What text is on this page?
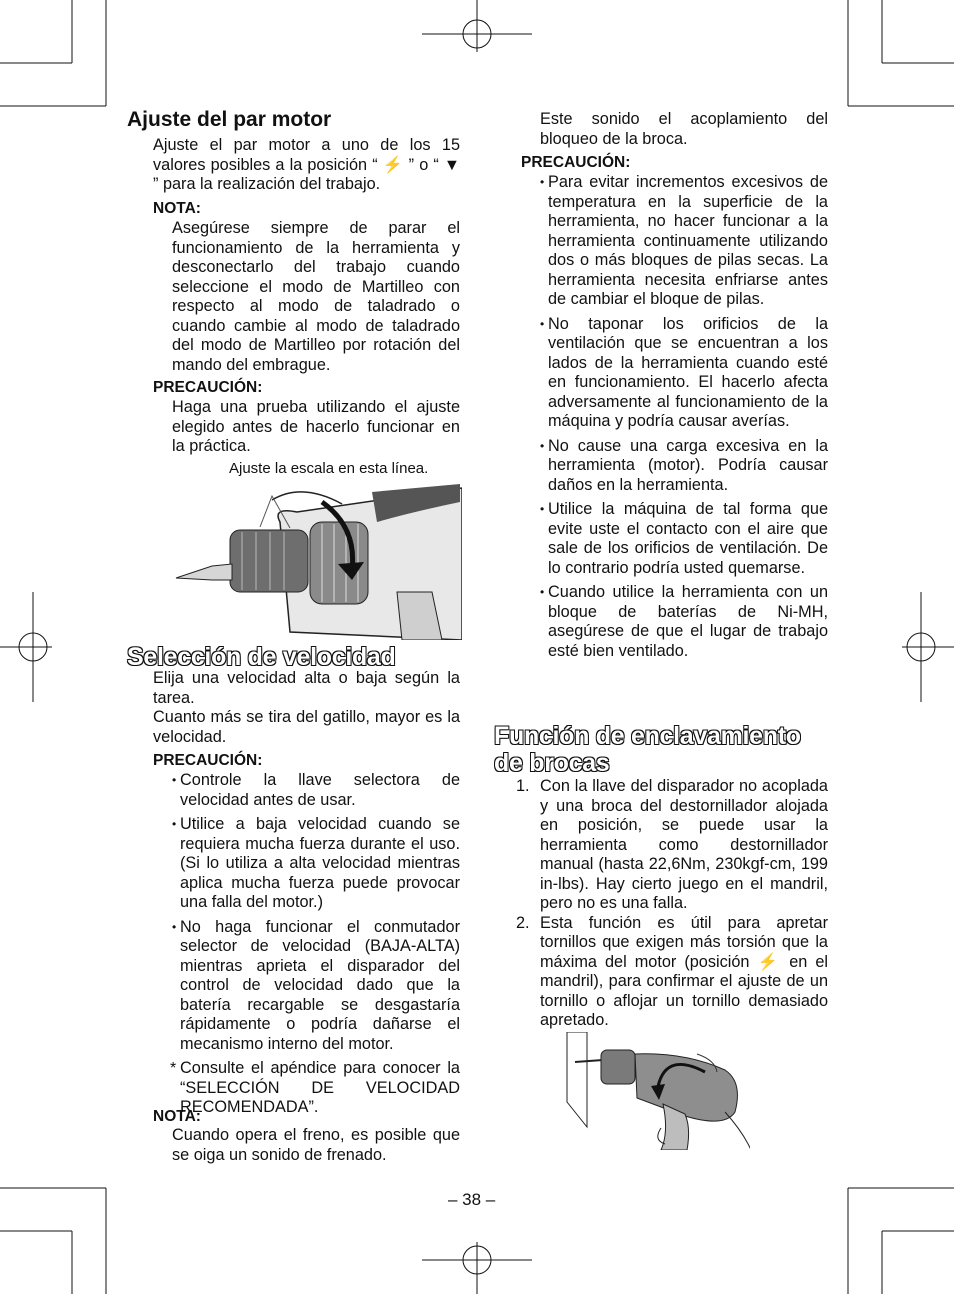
Ajuste del par motor
Ajuste el par motor a uno de los 15 valores posibles a la posición “ ⚡ ” o “ ▼ ” para la realización del trabajo.
NOTA:
Asegúrese siempre de parar el funcionamiento de la herramienta y desconectarlo del trabajo cuando seleccione el modo de Martilleo con respecto al modo de taladrado o cuando cambie al modo de taladrado del modo de Martilleo por rotación del mando del embrague.
PRECAUCIÓN:
Haga una prueba utilizando el ajuste elegido antes de hacerlo funcionar en la práctica.
Ajuste la escala en esta línea.
Selección de velocidad
Elija una velocidad alta o baja según la tarea.
Cuanto más se tira del gatillo, mayor es la velocidad.
PRECAUCIÓN:
• Controle la llave selectora de velocidad antes de usar.
• Utilice a baja velocidad cuando se requiera mucha fuerza durante el uso. (Si lo utiliza a alta velocidad mientras aplica mucha fuerza puede provocar una falla del motor.)
• No haga funcionar el conmutador selector de velocidad (BAJA-ALTA) mientras aprieta el disparador del control de velocidad dado que la batería recargable se desgastaría rápidamente o podría dañarse el mecanismo interno del motor.
* Consulte el apéndice para conocer la “SELECCIÓN DE VELOCIDAD RECOMENDADA”.
NOTA:
Cuando opera el freno, es posible que se oiga un sonido de frenado.
Este sonido el acoplamiento del bloqueo de la broca.
PRECAUCIÓN:
• Para evitar incrementos excesivos de temperatura en la superficie de la herramienta, no hacer funcionar a la herramienta continuamente utilizando dos o más bloques de pilas secas. La herramienta necesita enfriarse antes de cambiar el bloque de pilas.
• No taponar los orificios de la ventilación que se encuentran a los lados de la herramienta cuando esté en funcionamiento. El hacerlo afecta adversamente al funcionamiento de la máquina y podría causar averías.
• No cause una carga excesiva en la herramienta (motor). Podría causar daños en la herramienta.
• Utilice la máquina de tal forma que evite uste el contacto con el aire que sale de los orificios de ventilación. De lo contrario podría usted quemarse.
• Cuando utilice la herramienta con un bloque de baterías de Ni-MH, asegúrese de que el lugar de trabajo esté bien ventilado.
Función de enclavamiento de brocas
1. Con la llave del disparador no acoplada y una broca del destornillador alojada en posición, se puede usar la herramienta como destornillador manual (hasta 22,6Nm, 230kgf-cm, 199 in-lbs). Hay cierto juego en el mandril, pero no es una falla.
2. Esta función es útil para apretar tornillos que exigen más torsión que la máxima del motor (posición ⚡ en el mandril), para confirmar el ajuste de un tornillo o aflojar un tornillo demasiado apretado.
– 38 –
